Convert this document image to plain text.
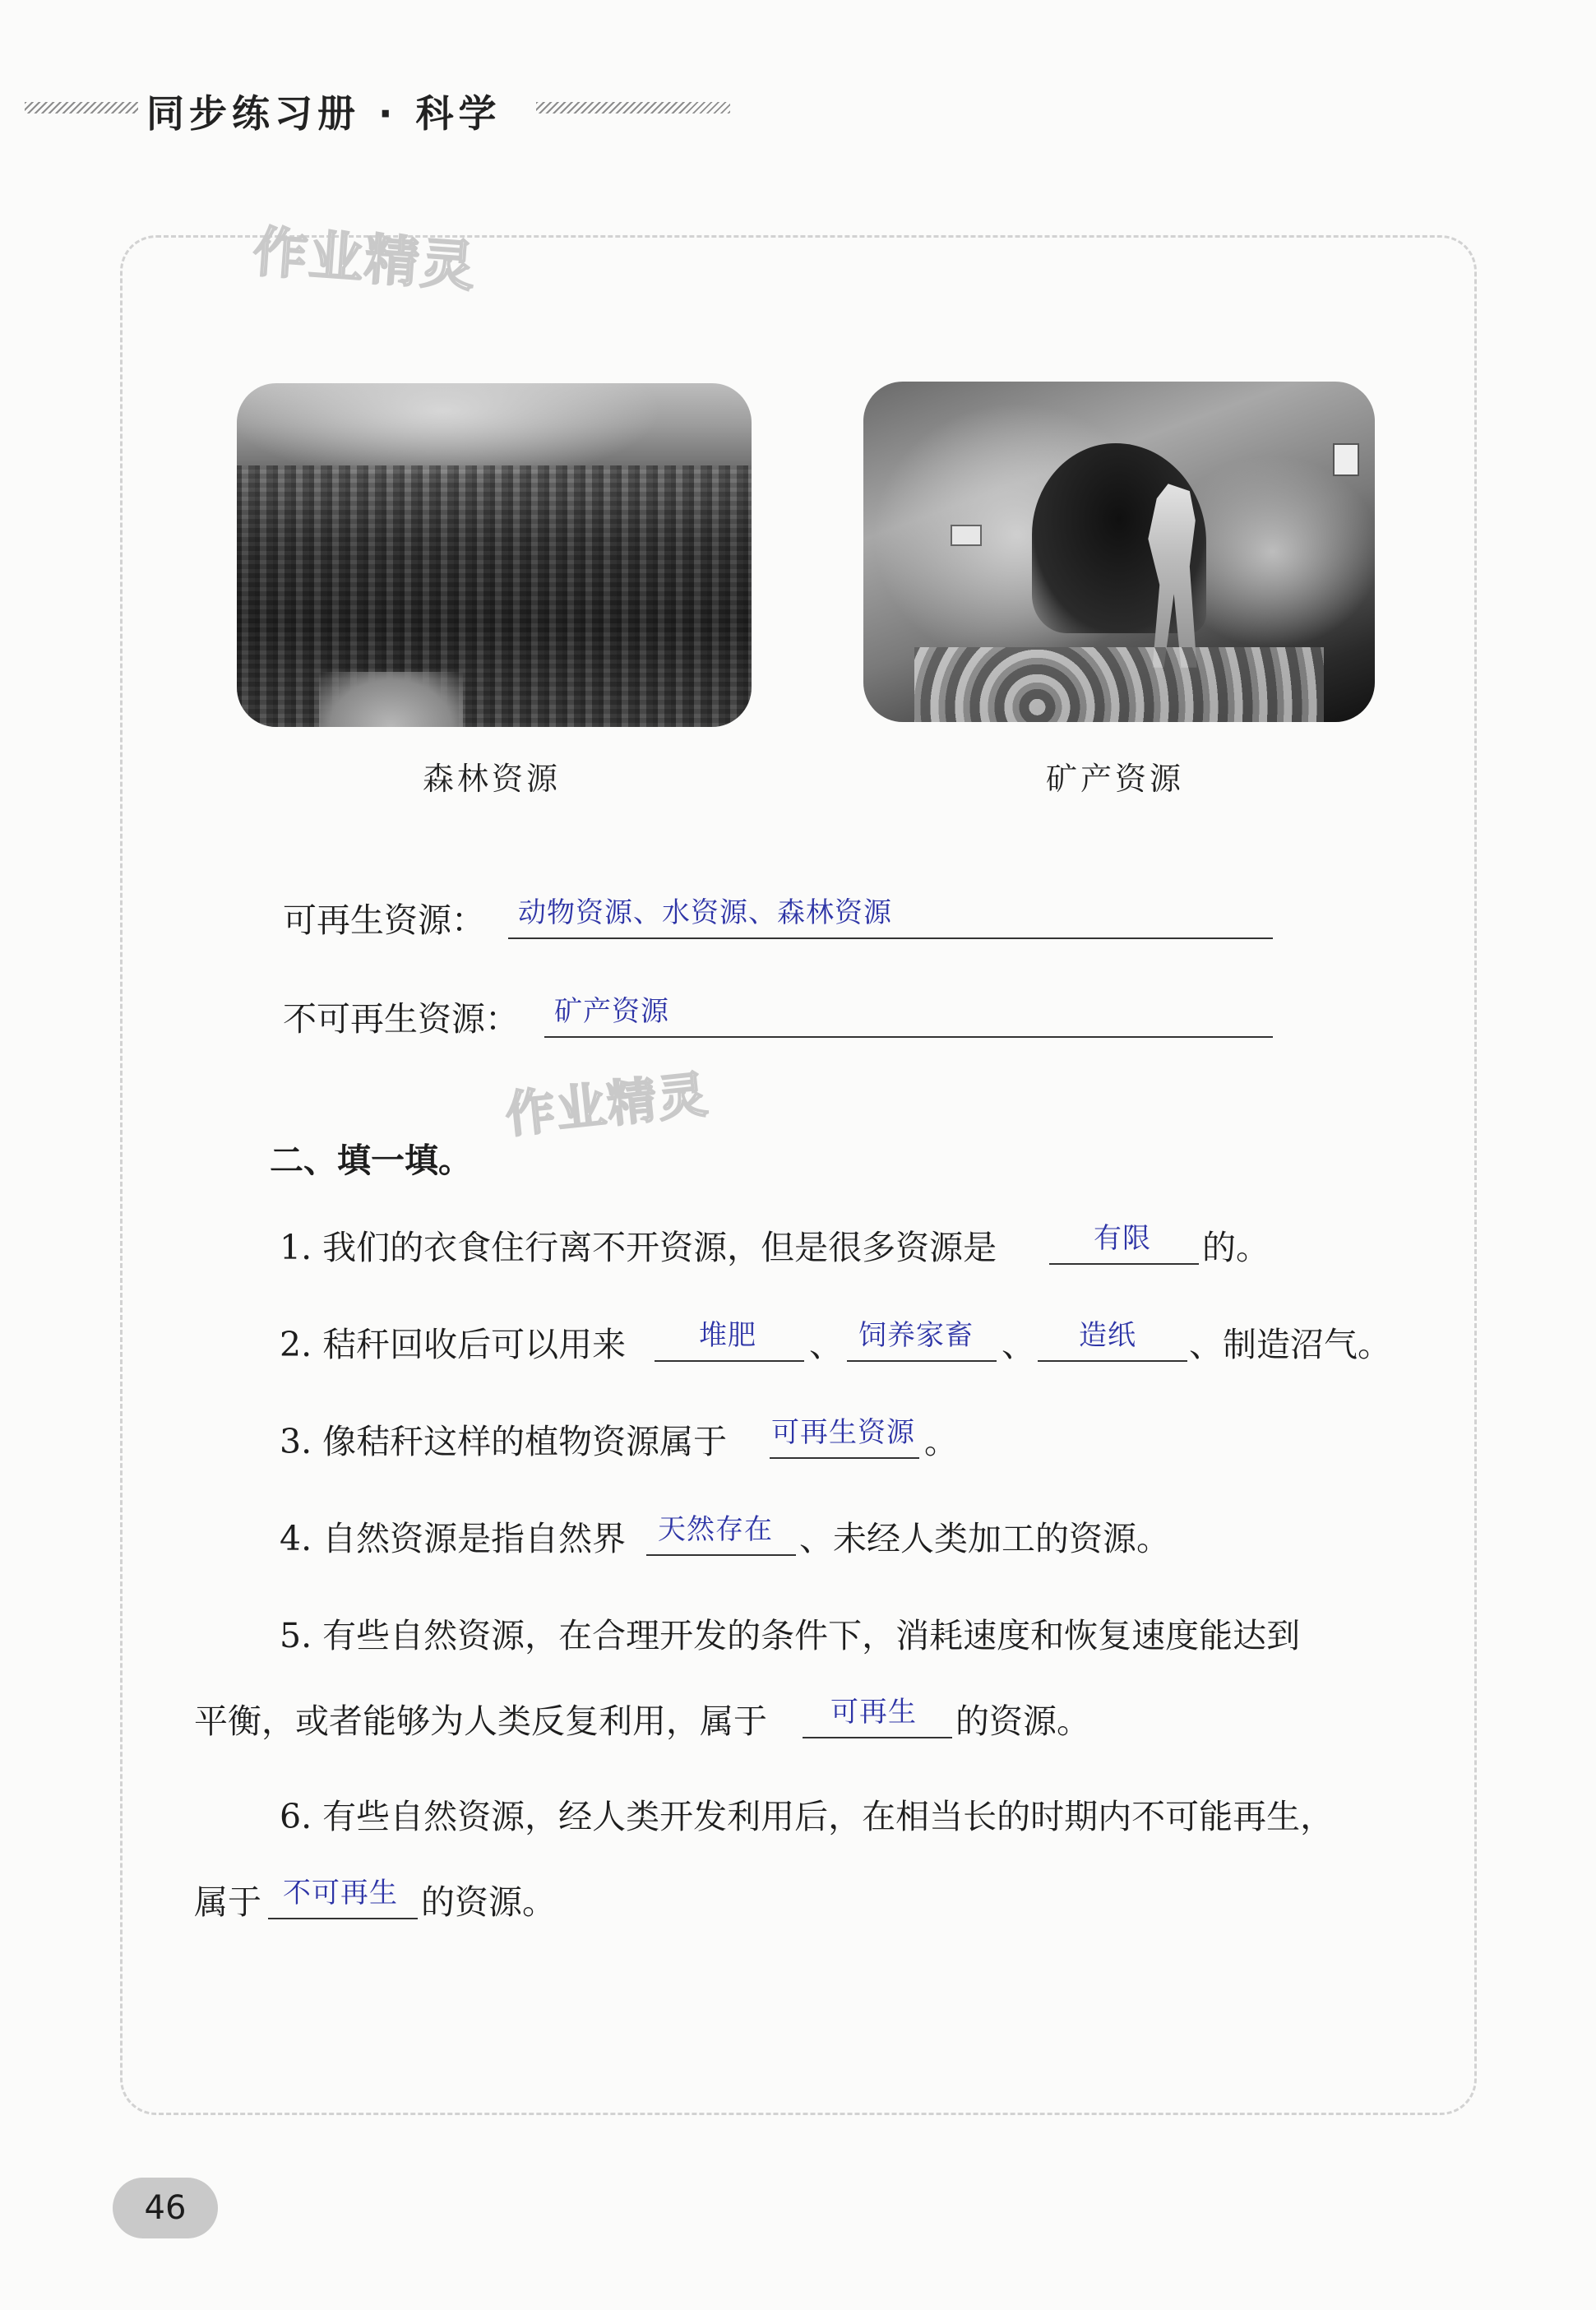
同步练习册 · 科学
作业精灵
作业精灵
森林资源	矿产资源
可再生资源： 动物资源、水资源、森林资源
不可再生资源： 矿产资源
二、填一填。
1. 我们的衣食住行离不开资源，但是很多资源是	有限 的。
2. 秸秆回收后可以用来	堆肥 、 饲养家畜 、 造纸 、制造沼气。
3. 像秸秆这样的植物资源属于 可再生资源 。
4. 自然资源是指自然界 天然存在 、未经人类加工的资源。
5. 有些自然资源，在合理开发的条件下，消耗速度和恢复速度能达到
平衡，或者能够为人类反复利用，属于 可再生 的资源。
6. 有些自然资源，经人类开发利用后，在相当长的时期内不可能再生，
属于 不可再生 的资源。
46
